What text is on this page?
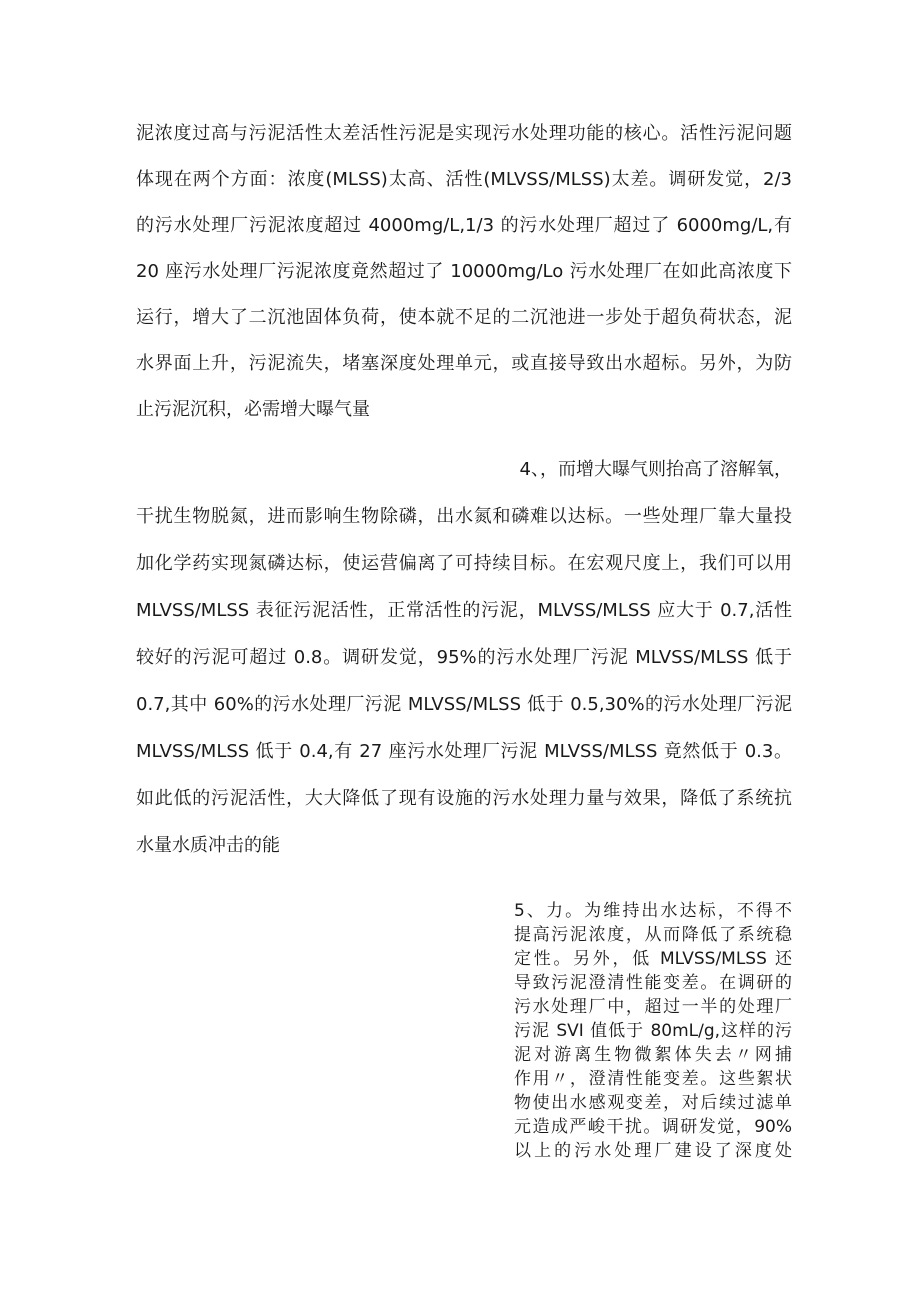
泥浓度过高与污泥活性太差活性污泥是实现污水处理功能的核心。活性污泥问题
体现在两个方面：浓度(MLSS)太高、活性(MLVSS/MLSS)太差。调研发觉，2/3
的污水处理厂污泥浓度超过 4000mg∕L,1/3 的污水处理厂超过了 6000mg∕L,有
20 座污水处理厂污泥浓度竟然超过了 10000mg/Lo 污水处理厂在如此高浓度下
运行，增大了二沉池固体负荷，使本就不足的二沉池进一步处于超负荷状态，泥
水界面上升，污泥流失，堵塞深度处理单元，或直接导致出水超标。另外，为防
止污泥沉积，必需增大曝气量
4、，而增大曝气则抬高了溶解氧，
干扰生物脱氮，进而影响生物除磷，出水氮和磷难以达标。一些处理厂靠大量投
加化学药实现氮磷达标，使运营偏离了可持续目标。在宏观尺度上，我们可以用
MLVSS/MLSS 表征污泥活性，正常活性的污泥，MLVSS/MLSS 应大于 0.7,活性
较好的污泥可超过 0.8。调研发觉，95%的污水处理厂污泥 MLVSS/MLSS 低于
0.7,其中 60%的污水处理厂污泥 MLVSS/MLSS 低于 0.5,30%的污水处理厂污泥
MLVSS/MLSS 低于 0.4,有 27 座污水处理厂污泥 MLVSS/MLSS 竟然低于 0.3。
如此低的污泥活性，大大降低了现有设施的污水处理力量与效果，降低了系统抗
水量水质冲击的能
5、力。为维持出水达标，不得不
提高污泥浓度，从而降低了系统稳
定性。另外，低 MLVSS/MLSS 还
导致污泥澄清性能变差。在调研的
污水处理厂中，超过一半的处理厂
污泥 SVI 值低于 80mL∕g,这样的污
泥对游离生物微絮体失去〃网捕
作用〃，澄清性能变差。这些絮状
物使出水感观变差，对后续过滤单
元造成严峻干扰。调研发觉，90%
以上的污水处理厂建设了深度处
